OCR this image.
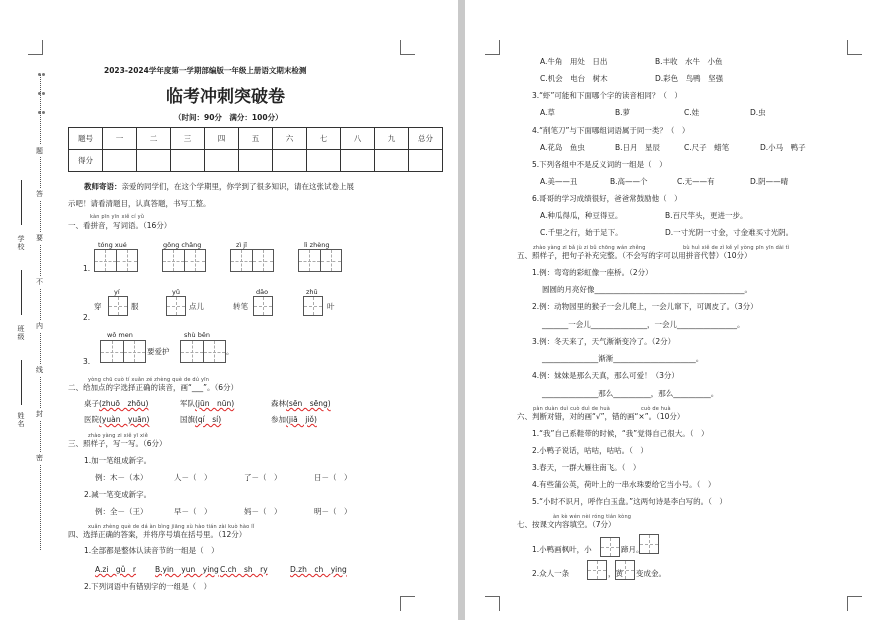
学校
班级
姓名
题
答
要
不
内
线
封
密
2023-2024学年度第一学期部编版一年级上册语文期末检测
临考冲刺突破卷
（时间：90分　满分：100分）
题号	一	二	三	四	五	六	七	八	九	总分
得分										
教师寄语：亲爱的同学们，在这个学期里，你学到了很多知识，请在这张试卷上展
示吧！请看清题目，认真答题，书写工整。
kàn pīn yīn xiě cí yǔ
一、看拼音，写词语。（16分）
tóng xué	gōng chǎng	zì jǐ	lì zhèng
1.
yí	yǔ	dāo	zhū
2.
穿	服	点儿	转笔	叶
wǒ men	shù bēn
3.
要爱护	。
yòng chū cuò tí xuǎn zé zhèng què de dú yīn
二、给加点的字选择正确的读音，画“___”。（6分）
桌子(zhuō　zhōu)	军队(jūn　nūn)	森林(sēn　sēng)
医院(yuàn　yuān)	国旗(qí　sí)	参加(jiā　jiǒ)
zhào yàng zi xiě yī xiě
三、照样子，写一写。（6分）
1.加一笔组成新字。
例：木－（本）	人－（　）	了－（　）	日－（　）
2.减一笔变成新字。
例：全－（王）	早－（　）	妈－（　）	明－（　）
xuǎn zhèng què de dá àn bìng jiāng xù hào tián zài kuò hào lǐ
四、选择正确的答案，并将序号填在括号里。（12分）
1.全部都是整体认读音节的一组是（　）
A.zi　gǔ　r	B.yin　yun　ying C.ch　sh　ry	D.zh　ch　ying
2.下列词语中有错别字的一组是（　）
A.牛角　用处　日出	B.丰收　水牛　小鱼
C.机会　电台　树木	D.彩色　鸟鸭　坚强
3.“虾”可能和下面哪个字的读音相同？（　）
A.草	B.萝	C.娃	D.虫
4.“削笔刀”与下面哪组词语属于同一类？（　）
A.花岛　鱼虫	B.日月　星辰	C.尺子　蜡笔	D.小马　鸭子
5.下列各组中不是反义词的一组是（　）
A.美——丑	B.高——个	C.无——有	D.阴——晴
6.哥哥的学习成绩很好，爸爸常鼓励他（　）
A.种瓜得瓜，种豆得豆。	B.百尺竿头，更进一步。
C.千里之行，始于足下。	D.一寸光阴一寸金，寸金难买寸光阴。
zhào yàng zi bǎ jù zi bǔ chōng wán zhěng	bù huì xiě de zì kě yǐ yòng pīn yīn dài tì
五、照样子，把句子补充完整。（不会写的字可以用拼音代替）（10分）
1.例：弯弯的彩虹像一座桥。（2分）
圆圆的月亮好像________________________________________。
2.例：动物园里的猴子一会儿爬上，一会儿窜下，可调皮了。（3分）
_______一会儿_______________，一会儿________________。
3.例：冬天来了，天气渐渐变冷了。（2分）
_______________渐渐______________________。
4.例：妹妹是那么天真，那么可爱！（3分）
_______________那么__________，那么__________。
pàn duàn duì cuò duì de huà	cuò de huà
六、判断对错，对的画“√”，错的画“×”。（10分）
1.“我”自己系鞋带的时候，“我”觉得自己很大。（　）
2.小鸭子说话，咕咕，咕咕。（　）
3.春天，一群大雁往南飞。（　）
4.有些蒲公英，荷叶上的一串水珠要给它当小号。（　）
5.“小时不识月，呼作白玉盘。”这两句诗是李白写的。（　）
àn kè wén nèi róng tián kòng
七、按课文内容填空。（7分）
1.小鸭画枫叶，小	蹄月。
2.众人一条	，黄 变成金。
